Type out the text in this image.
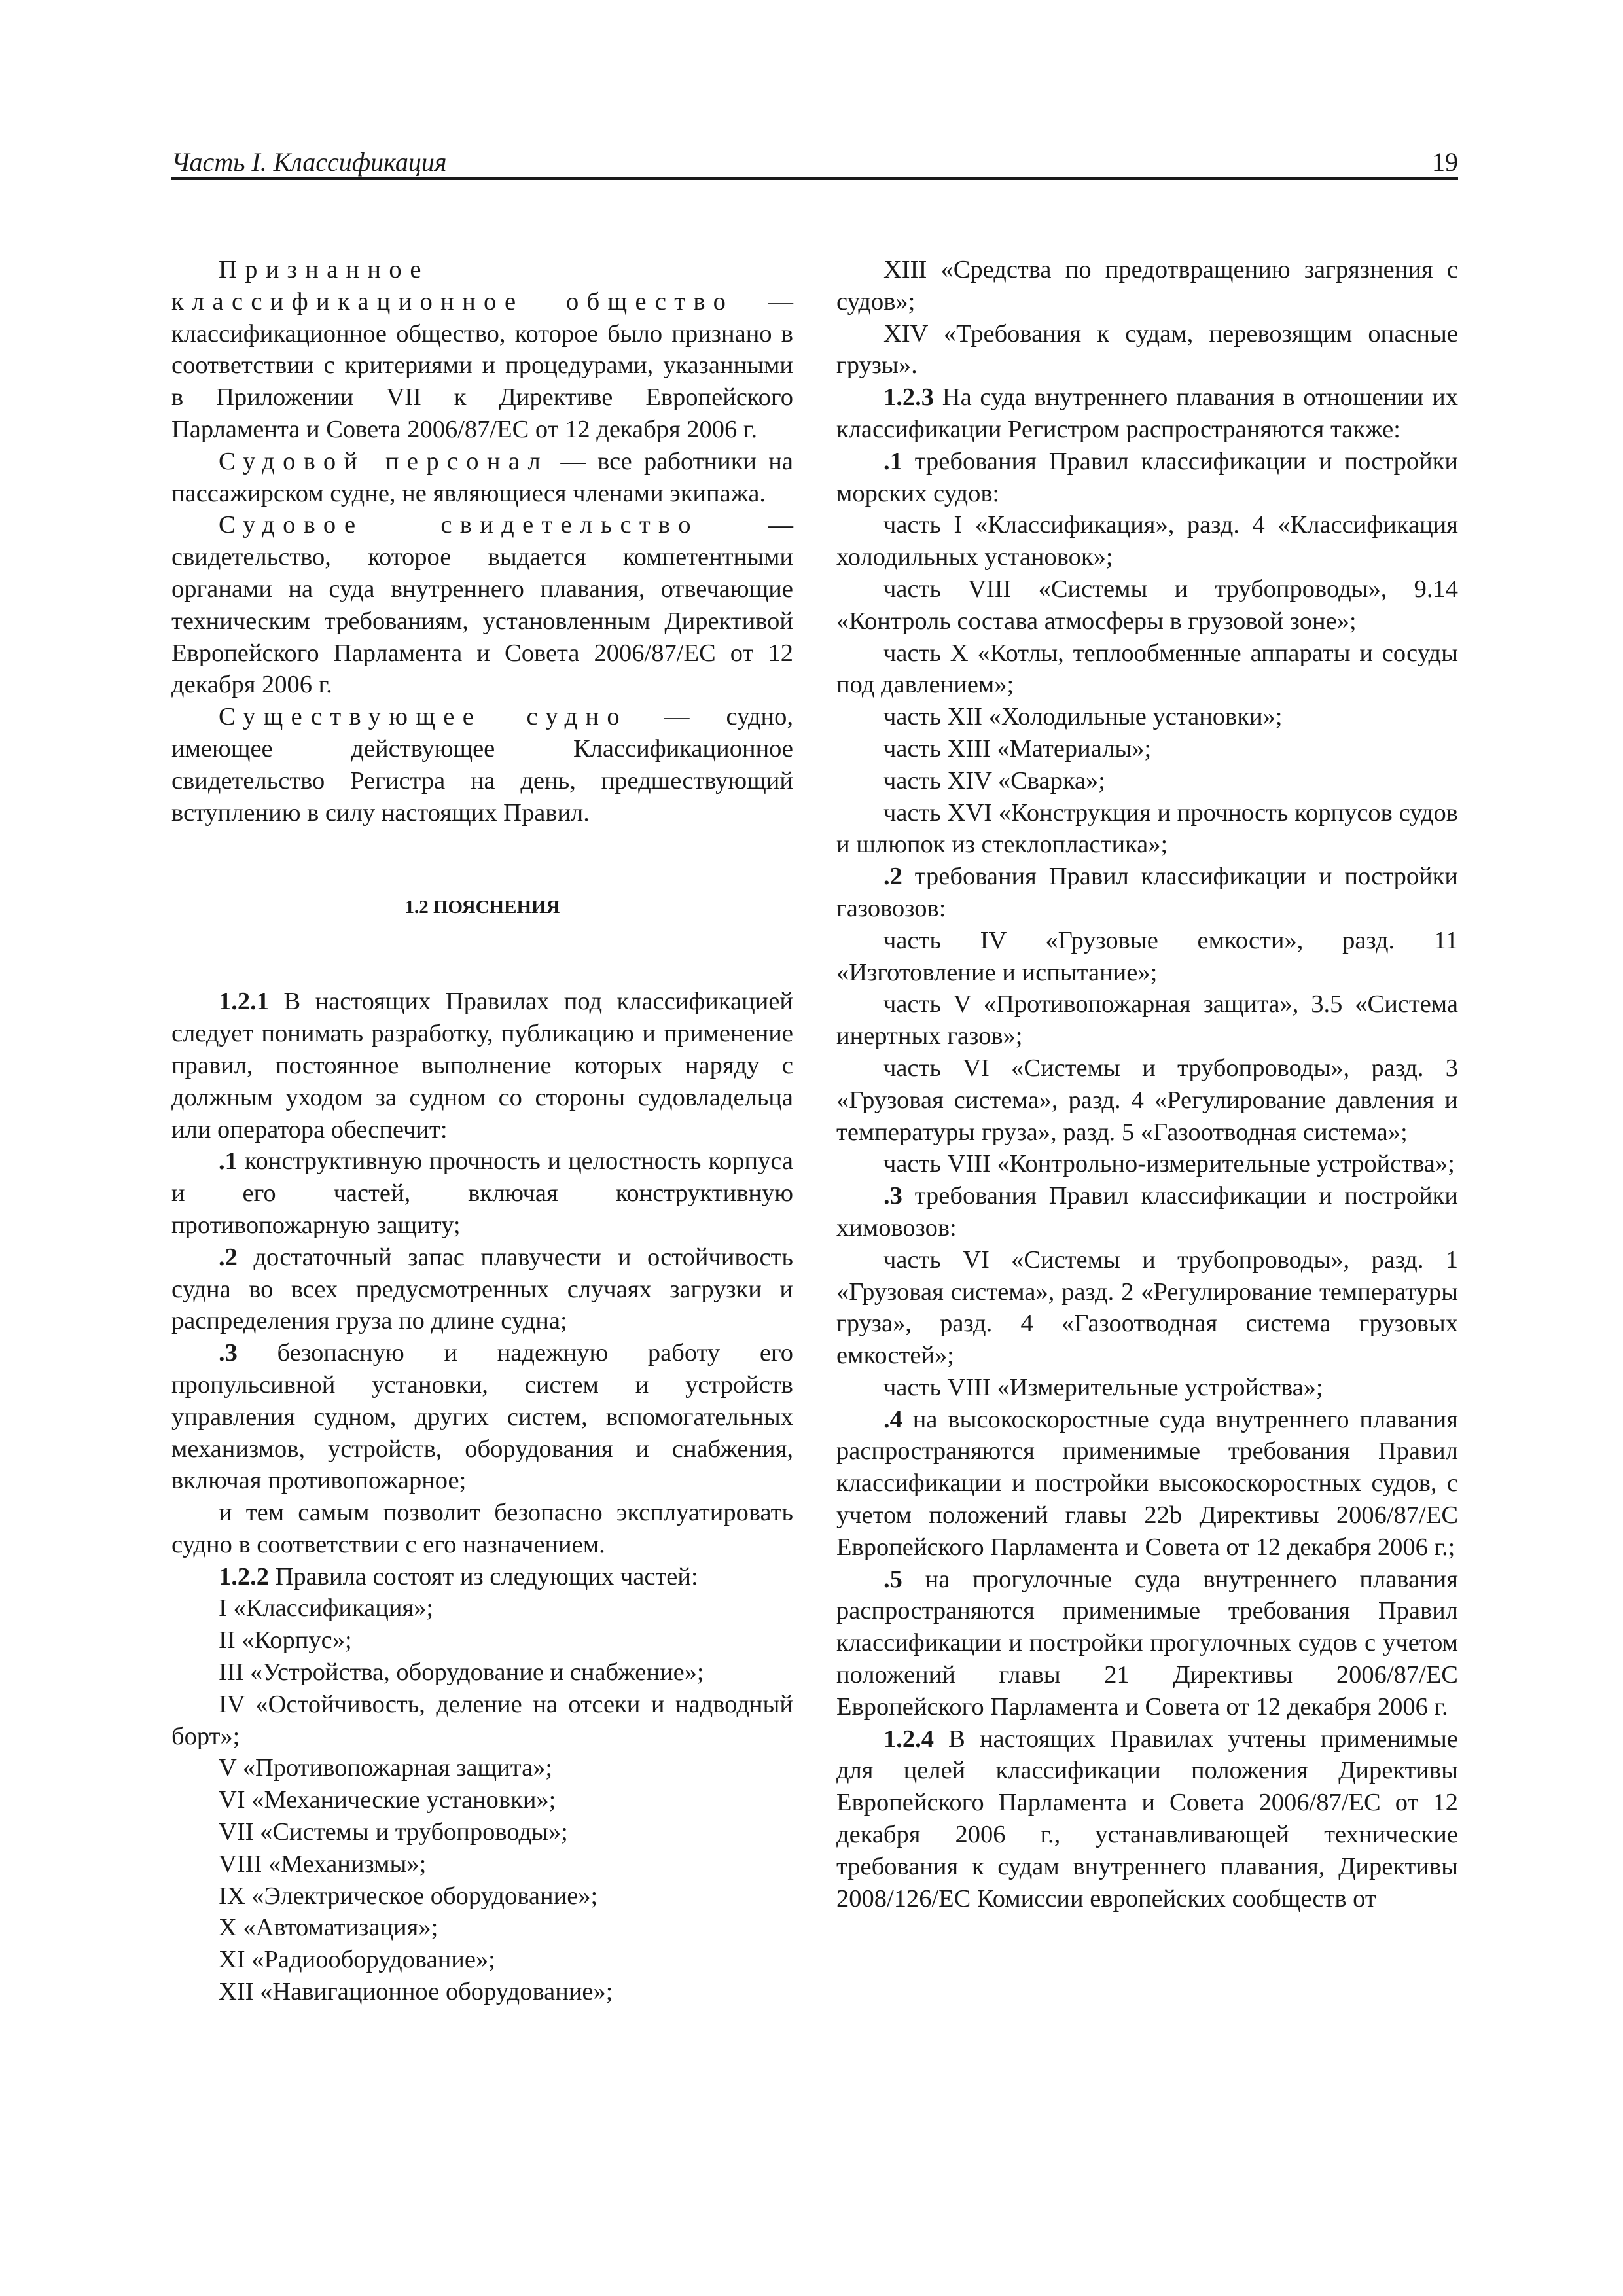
Часть I. Классификация	19

Признанное классификационное общество — классификационное общество, которое было признано в соответствии с критериями и процедурами, указанными в Приложении VII к Директиве Европейского Парламента и Совета 2006/87/ЕС от 12 декабря 2006 г.

Судовой персонал — все работники на пассажирском судне, не являющиеся членами экипажа.

Судовое свидетельство — свидетельство, которое выдается компетентными органами на суда внутреннего плавания, отвечающие техническим требованиям, установленным Директивой Европейского Парламента и Совета 2006/87/ЕС от 12 декабря 2006 г.

Существующее судно — судно, имеющее действующее Классификационное свидетельство Регистра на день, предшествующий вступлению в силу настоящих Правил.

1.2 ПОЯСНЕНИЯ

1.2.1 В настоящих Правилах под классификацией следует понимать разработку, публикацию и применение правил, постоянное выполнение которых наряду с должным уходом за судном со стороны судовладельца или оператора обеспечит:

.1 конструктивную прочность и целостность корпуса и его частей, включая конструктивную противопожарную защиту;

.2 достаточный запас плавучести и остойчивость судна во всех предусмотренных случаях загрузки и распределения груза по длине судна;

.3 безопасную и надежную работу его пропульсивной установки, систем и устройств управления судном, других систем, вспомогательных механизмов, устройств, оборудования и снабжения, включая противопожарное;

и тем самым позволит безопасно эксплуатировать судно в соответствии с его назначением.

1.2.2 Правила состоят из следующих частей:

I «Классификация»;

II «Корпус»;

III «Устройства, оборудование и снабжение»;

IV «Остойчивость, деление на отсеки и надводный борт»;

V «Противопожарная защита»;

VI «Механические установки»;

VII «Системы и трубопроводы»;

VIII «Механизмы»;

IX «Электрическое оборудование»;

X «Автоматизация»;

XI «Радиооборудование»;

XII «Навигационное оборудование»;

XIII «Средства по предотвращению загрязнения с судов»;

XIV «Требования к судам, перевозящим опасные грузы».

1.2.3 На суда внутреннего плавания в отношении их классификации Регистром распространяются также:

.1 требования Правил классификации и постройки морских судов:

часть I «Классификация», разд. 4 «Классификация холодильных установок»;

часть VIII «Системы и трубопроводы», 9.14 «Контроль состава атмосферы в грузовой зоне»;

часть X «Котлы, теплообменные аппараты и сосуды под давлением»;

часть XII «Холодильные установки»;

часть XIII «Материалы»;

часть XIV «Сварка»;

часть XVI «Конструкция и прочность корпусов судов и шлюпок из стеклопластика»;

.2 требования Правил классификации и постройки газовозов:

часть IV «Грузовые емкости», разд. 11 «Изготовление и испытание»;

часть V «Противопожарная защита», 3.5 «Система инертных газов»;

часть VI «Системы и трубопроводы», разд. 3 «Грузовая система», разд. 4 «Регулирование давления и температуры груза», разд. 5 «Газоотводная система»;

часть VIII «Контрольно-измерительные устройства»;

.3 требования Правил классификации и постройки химовозов:

часть VI «Системы и трубопроводы», разд. 1 «Грузовая система», разд. 2 «Регулирование температуры груза», разд. 4 «Газоотводная система грузовых емкостей»;

часть VIII «Измерительные устройства»;

.4 на высокоскоростные суда внутреннего плавания распространяются применимые требования Правил классификации и постройки высокоскоростных судов, с учетом положений главы 22b Директивы 2006/87/ЕС Европейского Парламента и Совета от 12 декабря 2006 г.;

.5 на прогулочные суда внутреннего плавания распространяются применимые требования Правил классификации и постройки прогулочных судов с учетом положений главы 21 Директивы 2006/87/ЕС Европейского Парламента и Совета от 12 декабря 2006 г.

1.2.4 В настоящих Правилах учтены применимые для целей классификации положения Директивы Европейского Парламента и Совета 2006/87/ЕС от 12 декабря 2006 г., устанавливающей технические требования к судам внутреннего плавания, Директивы 2008/126/ЕС Комиссии европейских сообществ от
